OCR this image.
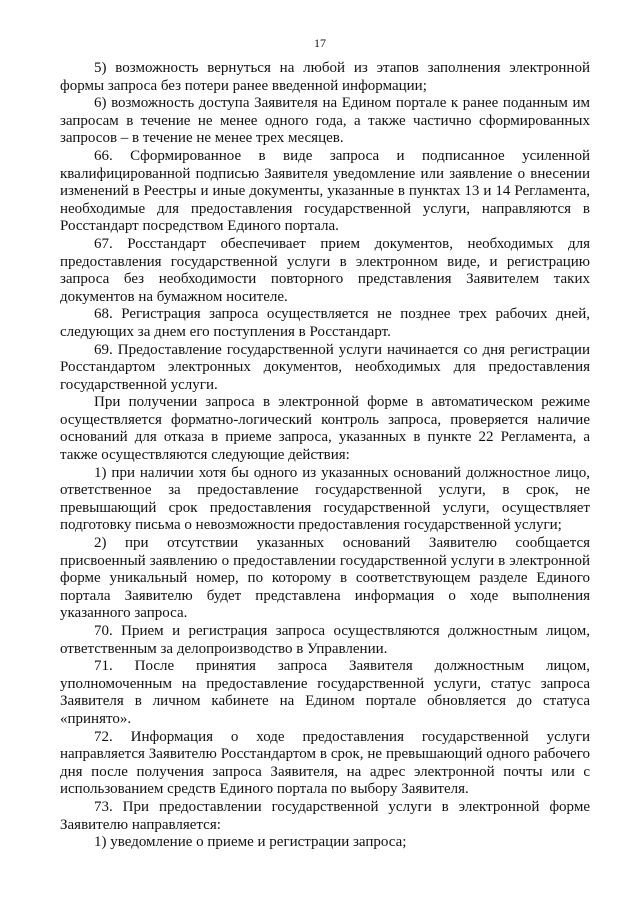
17

5) возможность вернуться на любой из этапов заполнения электронной формы запроса без потери ранее введенной информации;

6) возможность доступа Заявителя на Едином портале к ранее поданным им запросам в течение не менее одного года, а также частично сформированных запросов – в течение не менее трех месяцев.

66. Сформированное в виде запроса и подписанное усиленной квалифицированной подписью Заявителя уведомление или заявление о внесении изменений в Реестры и иные документы, указанные в пунктах 13 и 14 Регламента, необходимые для предоставления государственной услуги, направляются в Росстандарт посредством Единого портала.

67. Росстандарт обеспечивает прием документов, необходимых для предоставления государственной услуги в электронном виде, и регистрацию запроса без необходимости повторного представления Заявителем таких документов на бумажном носителе.

68. Регистрация запроса осуществляется не позднее трех рабочих дней, следующих за днем его поступления в Росстандарт.

69. Предоставление государственной услуги начинается со дня регистрации Росстандартом электронных документов, необходимых для предоставления государственной услуги.

При получении запроса в электронной форме в автоматическом режиме осуществляется форматно-логический контроль запроса, проверяется наличие оснований для отказа в приеме запроса, указанных в пункте 22 Регламента, а также осуществляются следующие действия:

1) при наличии хотя бы одного из указанных оснований должностное лицо, ответственное за предоставление государственной услуги, в срок, не превышающий срок предоставления государственной услуги, осуществляет подготовку письма о невозможности предоставления государственной услуги;

2) при отсутствии указанных оснований Заявителю сообщается присвоенный заявлению о предоставлении государственной услуги в электронной форме уникальный номер, по которому в соответствующем разделе Единого портала Заявителю будет представлена информация о ходе выполнения указанного запроса.

70. Прием и регистрация запроса осуществляются должностным лицом, ответственным за делопроизводство в Управлении.

71. После принятия запроса Заявителя должностным лицом, уполномоченным на предоставление государственной услуги, статус запроса Заявителя в личном кабинете на Едином портале обновляется до статуса «принято».

72. Информация о ходе предоставления государственной услуги направляется Заявителю Росстандартом в срок, не превышающий одного рабочего дня после получения запроса Заявителя, на адрес электронной почты или с использованием средств Единого портала по выбору Заявителя.

73. При предоставлении государственной услуги в электронной форме Заявителю направляется:

1) уведомление о приеме и регистрации запроса;
